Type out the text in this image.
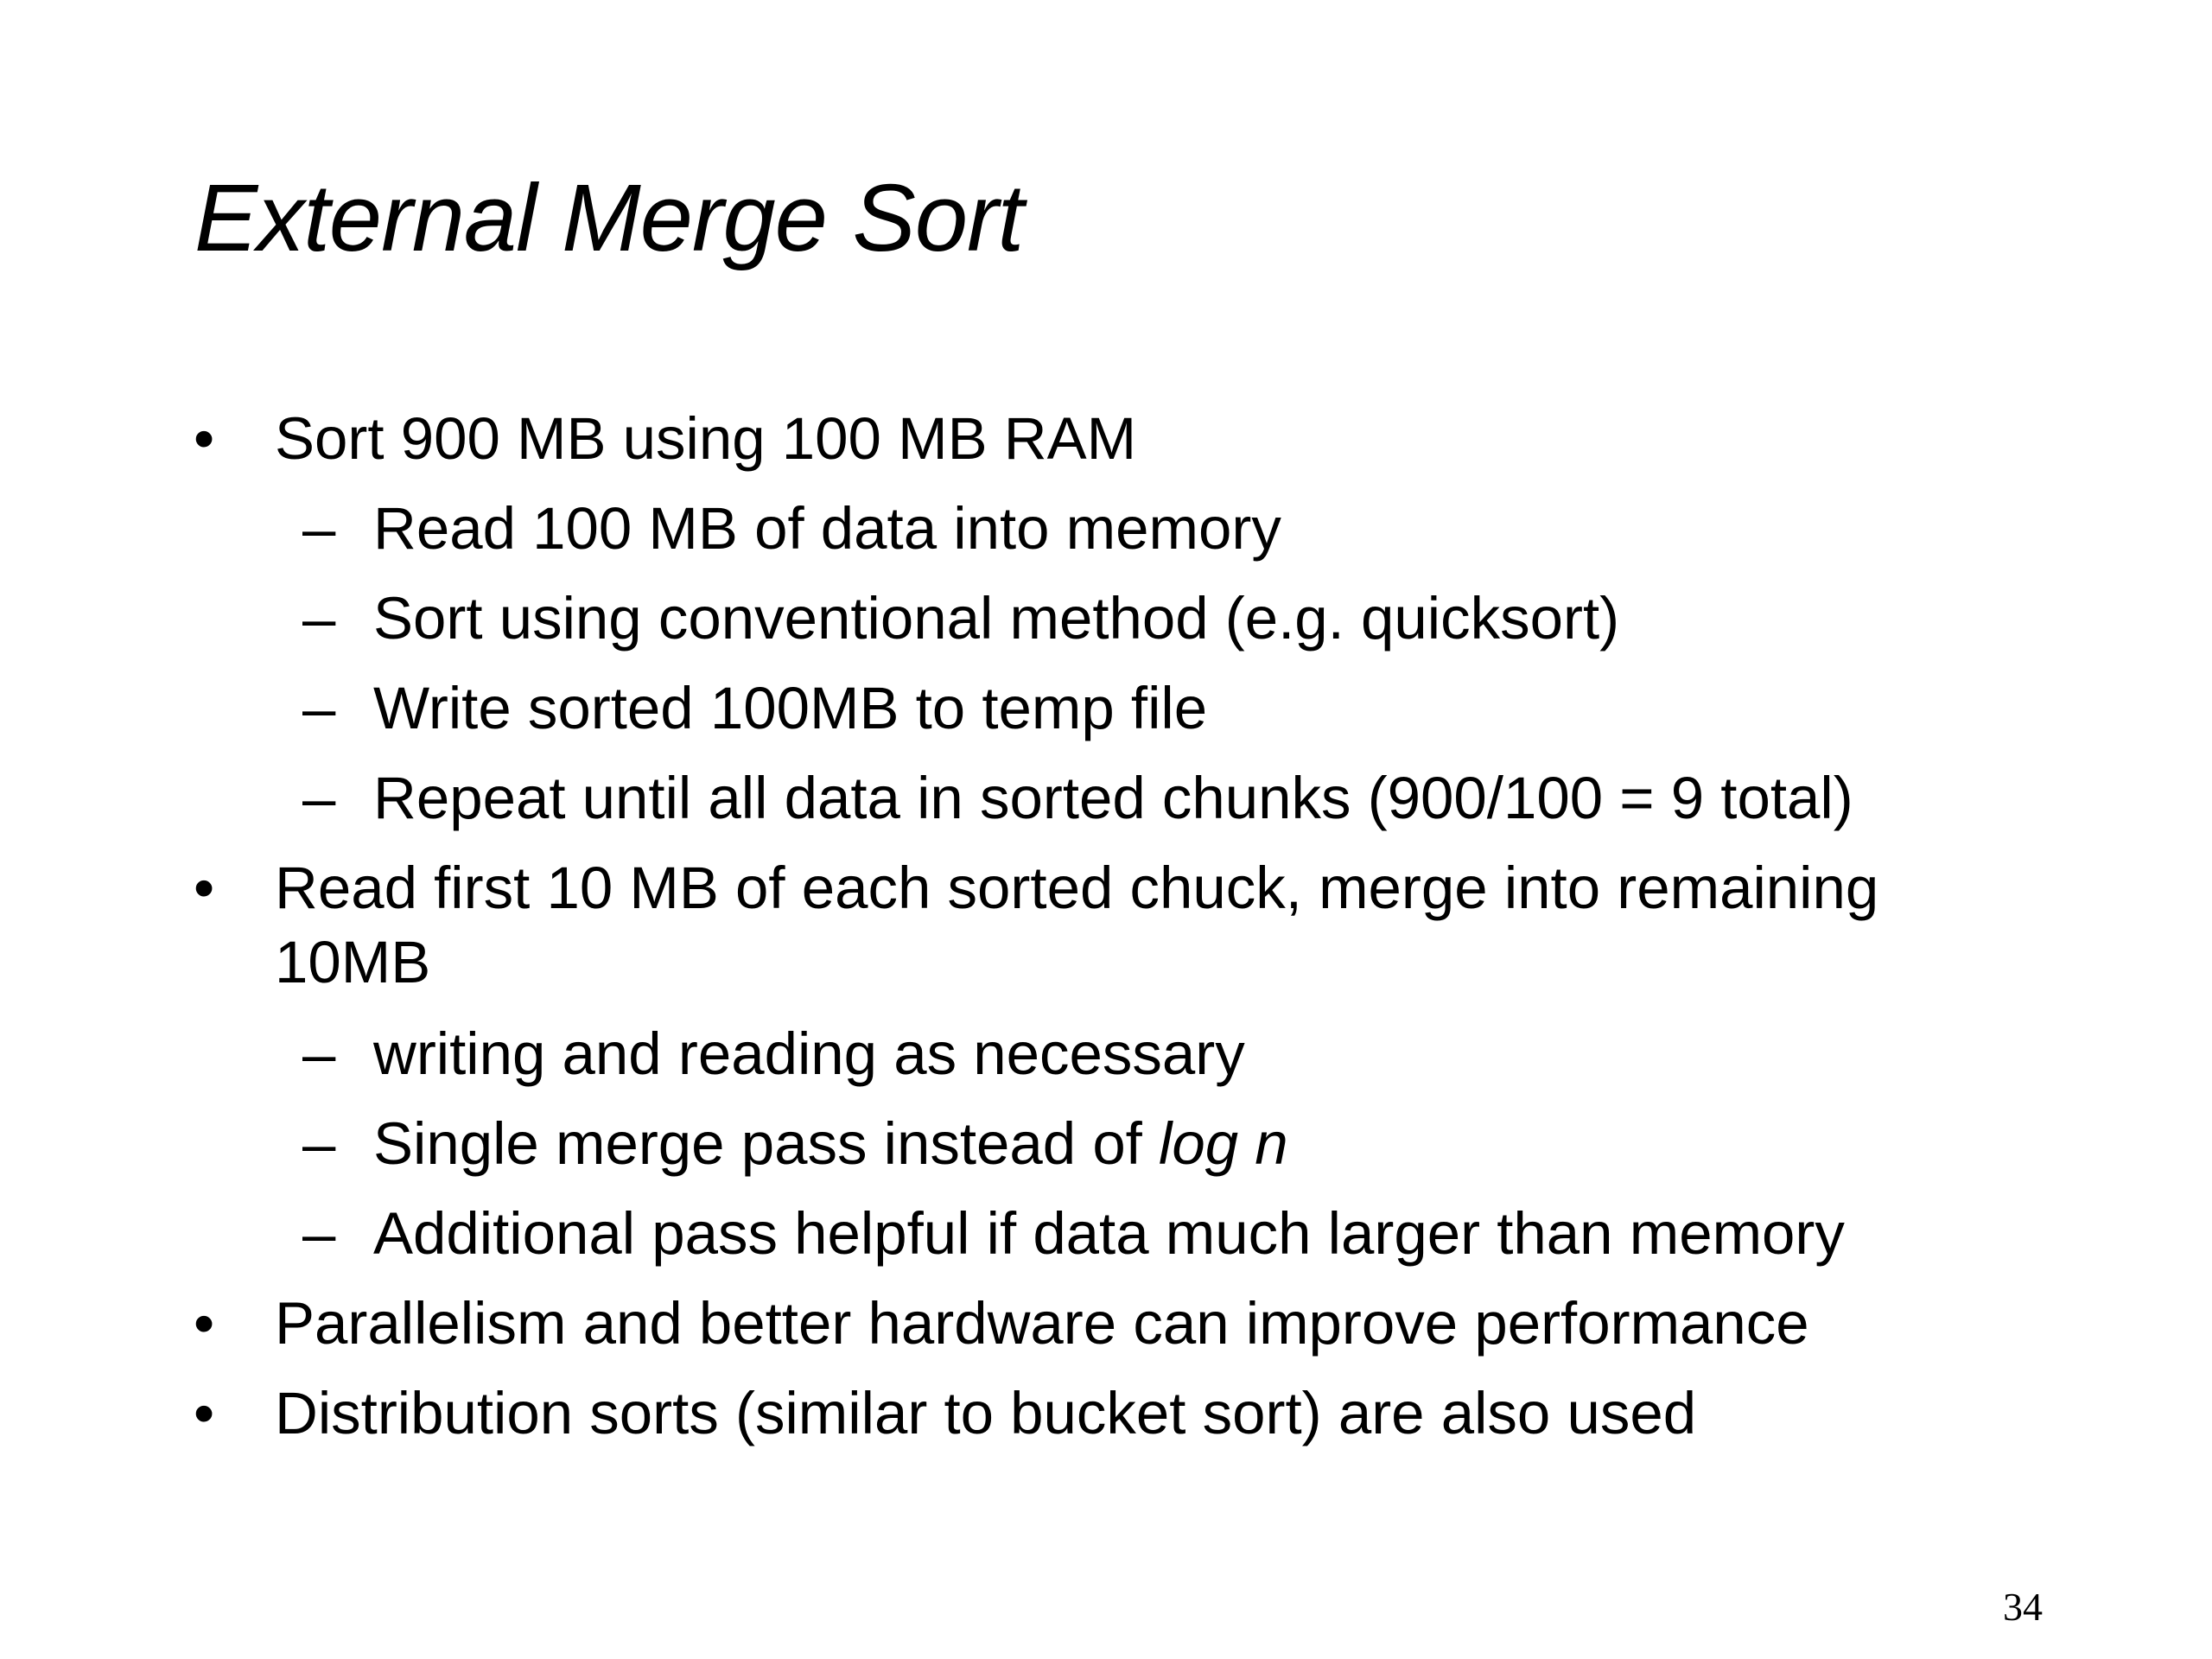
External Merge Sort
• Sort 900 MB using 100 MB RAM
– Read 100 MB of data into memory
– Sort using conventional method (e.g. quicksort)
– Write sorted 100MB to temp file
– Repeat until all data in sorted chunks (900/100 = 9 total)
• Read first 10 MB of each sorted chuck, merge into remaining
10MB
– writing and reading as necessary
– Single merge pass instead of log n
– Additional pass helpful if data much larger than memory
• Parallelism and better hardware can improve performance
• Distribution sorts (similar to bucket sort) are also used
34
